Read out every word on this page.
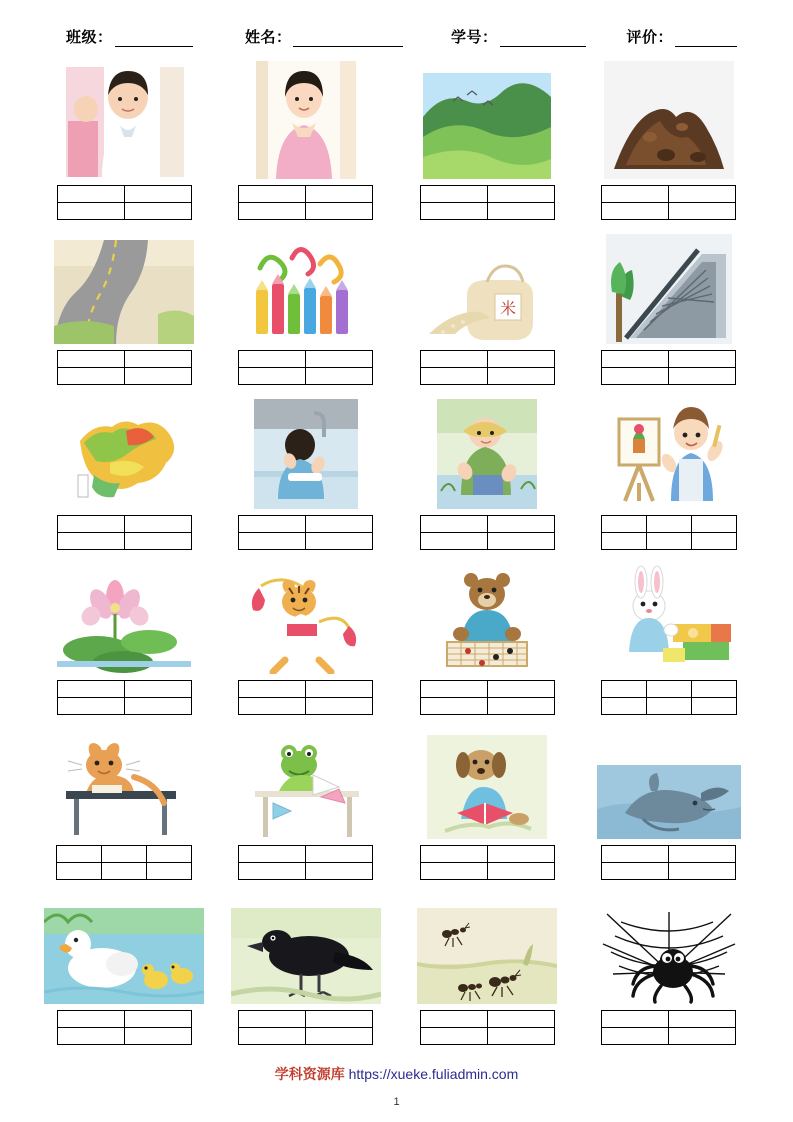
班级：	姓名：	学号：	评价：

米

学科资源库 https://xueke.fuliadmin.com
1
